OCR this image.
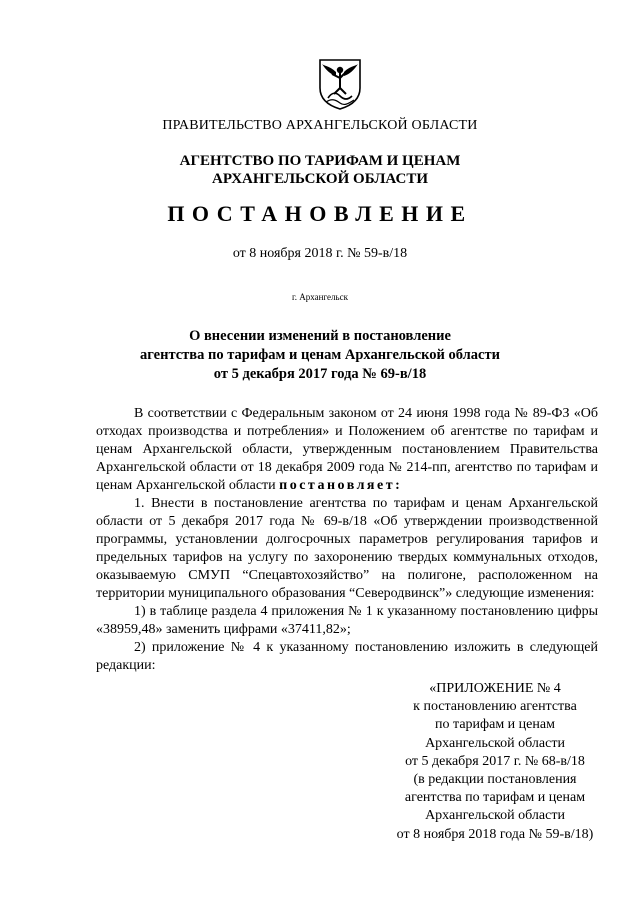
ПРАВИТЕЛЬСТВО АРХАНГЕЛЬСКОЙ ОБЛАСТИ
АГЕНТСТВО ПО ТАРИФАМ И ЦЕНАМ
АРХАНГЕЛЬСКОЙ ОБЛАСТИ
ПОСТАНОВЛЕНИЕ
от 8 ноября 2018 г. № 59-в/18
г. Архангельск
О внесении изменений в постановление
агентства по тарифам и ценам Архангельской области
от 5 декабря 2017 года № 69-в/18

В соответствии с Федеральным законом от 24 июня 1998 года № 89-ФЗ «Об отходах производства и потребления» и Положением об агентстве по тарифам и ценам Архангельской области, утвержденным постановлением Правительства Архангельской области от 18 декабря 2009 года № 214-пп, агентство по тарифам и ценам Архангельской области постановляет:

1. Внести в постановление агентства по тарифам и ценам Архангельской области от 5 декабря 2017 года № 69-в/18 «Об утверждении производственной программы, установлении долгосрочных параметров регулирования тарифов и предельных тарифов на услугу по захоронению твердых коммунальных отходов, оказываемую СМУП “Спецавтохозяйство” на полигоне, расположенном на территории муниципального образования “Северодвинск”» следующие изменения:

1) в таблице раздела 4 приложения № 1 к указанному постановлению цифры «38959,48» заменить цифрами «37411,82»;

2) приложение № 4 к указанному постановлению изложить в следующей редакции:

«ПРИЛОЖЕНИЕ № 4
к постановлению агентства
по тарифам и ценам
Архангельской области
от 5 декабря 2017 г. № 68-в/18
(в редакции постановления
агентства по тарифам и ценам
Архангельской области
от 8 ноября 2018 года № 59-в/18)
